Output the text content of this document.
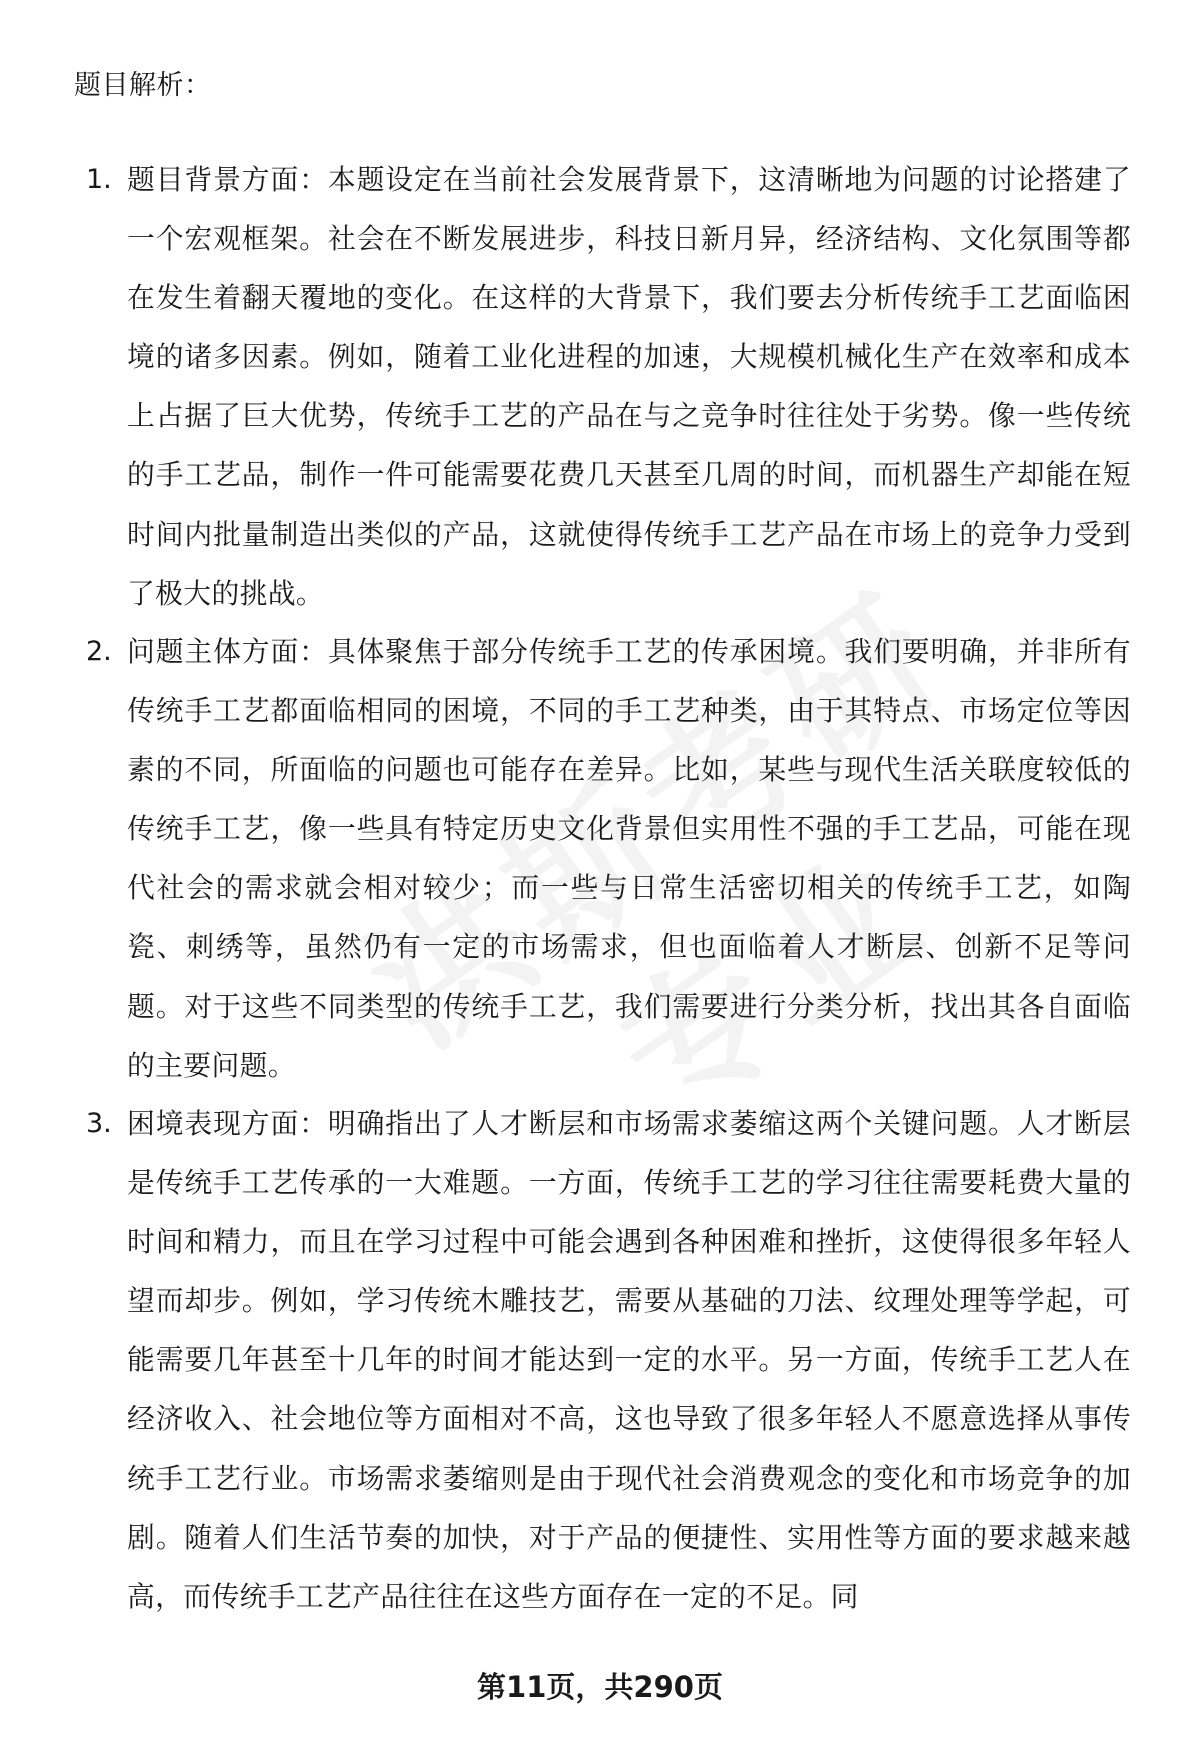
题目解析：
1. 题目背景方面：本题设定在当前社会发展背景下，这清晰地为问题的讨论搭建了一个宏观框架。社会在不断发展进步，科技日新月异，经济结构、文化氛围等都在发生着翻天覆地的变化。在这样的大背景下，我们要去分析传统手工艺面临困境的诸多因素。例如，随着工业化进程的加速，大规模机械化生产在效率和成本上占据了巨大优势，传统手工艺的产品在与之竞争时往往处于劣势。像一些传统的手工艺品，制作一件可能需要花费几天甚至几周的时间，而机器生产却能在短时间内批量制造出类似的产品，这就使得传统手工艺产品在市场上的竞争力受到了极大的挑战。
2. 问题主体方面：具体聚焦于部分传统手工艺的传承困境。我们要明确，并非所有传统手工艺都面临相同的困境，不同的手工艺种类，由于其特点、市场定位等因素的不同，所面临的问题也可能存在差异。比如，某些与现代生活关联度较低的传统手工艺，像一些具有特定历史文化背景但实用性不强的手工艺品，可能在现代社会的需求就会相对较少；而一些与日常生活密切相关的传统手工艺，如陶瓷、刺绣等，虽然仍有一定的市场需求，但也面临着人才断层、创新不足等问题。对于这些不同类型的传统手工艺，我们需要进行分类分析，找出其各自面临的主要问题。
3. 困境表现方面：明确指出了人才断层和市场需求萎缩这两个关键问题。人才断层是传统手工艺传承的一大难题。一方面，传统手工艺的学习往往需要耗费大量的时间和精力，而且在学习过程中可能会遇到各种困难和挫折，这使得很多年轻人望而却步。例如，学习传统木雕技艺，需要从基础的刀法、纹理处理等学起，可能需要几年甚至十几年的时间才能达到一定的水平。另一方面，传统手工艺人在经济收入、社会地位等方面相对不高，这也导致了很多年轻人不愿意选择从事传统手工艺行业。市场需求萎缩则是由于现代社会消费观念的变化和市场竞争的加剧。随着人们生活节奏的加快，对于产品的便捷性、实用性等方面的要求越来越高，而传统手工艺产品往往在这些方面存在一定的不足。同
第11页，共290页
